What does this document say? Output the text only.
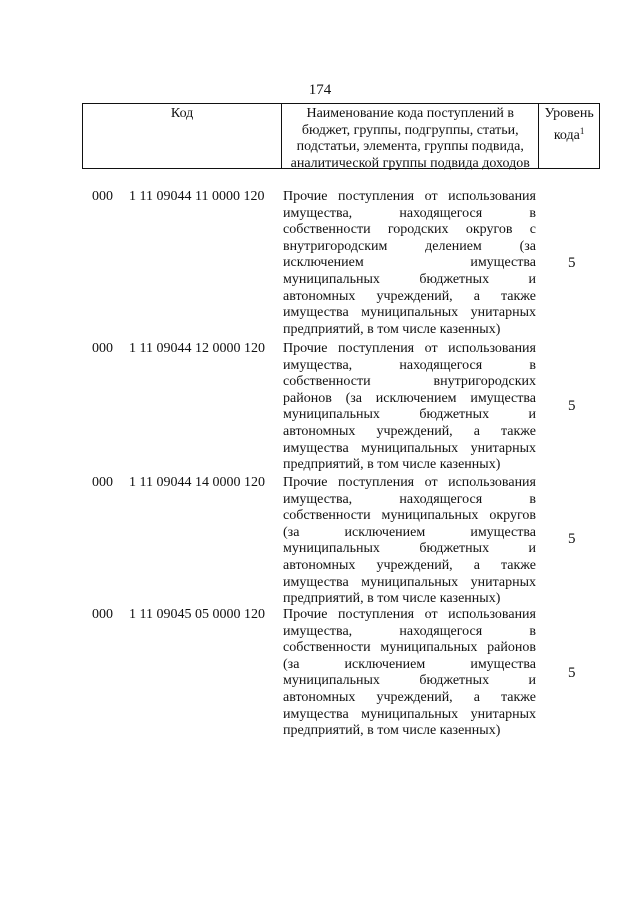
174
Код	Наименование кода поступлений в
бюджет, группы, подгруппы, статьи,
подстатьи, элемента, группы подвида,
аналитической группы подвида доходов
Уровень
кода$^1$
000 1 11 09044 11 0000 120 Прочие поступления от использования
имущества, находящегося в
собственности городских округов с
внутригородским делением (за
исключением имущества
муниципальных бюджетных и
автономных учреждений, а также
имущества муниципальных унитарных
предприятий, в том числе казенных)
5
000 1 11 09044 12 0000 120 Прочие поступления от использования
имущества, находящегося в
собственности внутригородских
районов (за исключением имущества
муниципальных бюджетных и
автономных учреждений, а также
имущества муниципальных унитарных
предприятий, в том числе казенных)
5
000 1 11 09044 14 0000 120 Прочие поступления от использования
имущества, находящегося в
собственности муниципальных округов
(за исключением имущества
муниципальных бюджетных и
автономных учреждений, а также
имущества муниципальных унитарных
предприятий, в том числе казенных)
5
000 1 11 09045 05 0000 120 Прочие поступления от использования
имущества, находящегося в
собственности муниципальных районов
(за исключением имущества
муниципальных бюджетных и
автономных учреждений, а также
имущества муниципальных унитарных
предприятий, в том числе казенных)
5
